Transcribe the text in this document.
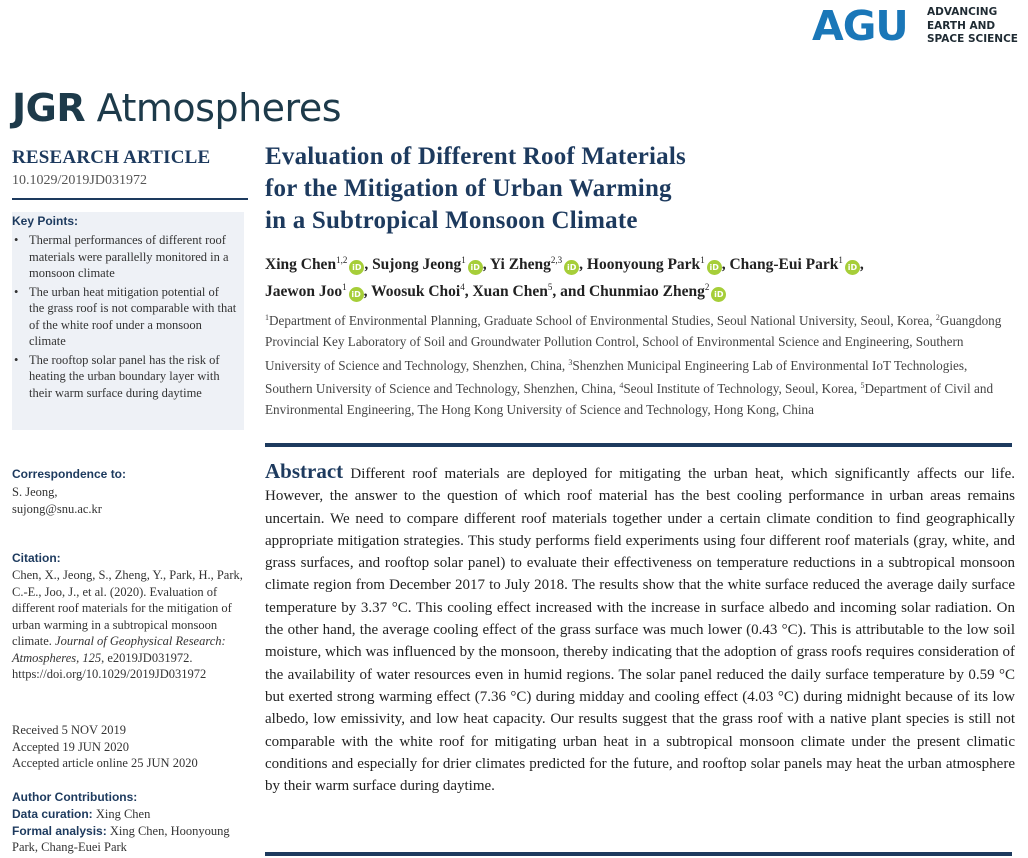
AGU ADVANCING
EARTH AND
SPACE SCIENCE
JGR Atmospheres
RESEARCH ARTICLE
10.1029/2019JD031972
Key Points:
• Thermal performances of different roof materials were parallelly monitored in a monsoon climate
• The urban heat mitigation potential of the grass roof is not comparable with that of the white roof under a monsoon climate
• The rooftop solar panel has the risk of heating the urban boundary layer with their warm surface during daytime
Correspondence to:
S. Jeong,
sujong@snu.ac.kr
Citation:
Chen, X., Jeong, S., Zheng, Y., Park, H., Park, C.-E., Joo, J., et al. (2020). Evaluation of different roof materials for the mitigation of urban warming in a subtropical monsoon climate. Journal of Geophysical Research: Atmospheres, 125, e2019JD031972. https://doi.org/10.1029/2019JD031972
Received 5 NOV 2019
Accepted 19 JUN 2020
Accepted article online 25 JUN 2020
Author Contributions:
Data curation: Xing Chen
Formal analysis: Xing Chen, Hoonyoung Park, Chang-Euei Park
Evaluation of Different Roof Materials
for the Mitigation of Urban Warming
in a Subtropical Monsoon Climate
Xing Chen$^{1,2}$iD , Sujong Jeong$^1$iD , Yi Zheng$^{2,3}$iD , Hoonyoung Park$^1$iD , Chang-Eui Park$^1$iD ,
Jaewon Joo$^1$iD , Woosuk Choi$^4$, Xuan Chen$^5$, and Chunmiao Zheng$^2$iD
$^1$Department of Environmental Planning, Graduate School of Environmental Studies, Seoul National University, Seoul, Korea, $^2$Guangdong Provincial Key Laboratory of Soil and Groundwater Pollution Control, School of Environmental Science and Engineering, Southern University of Science and Technology, Shenzhen, China, $^3$Shenzhen Municipal Engineering Lab of Environmental IoT Technologies, Southern University of Science and Technology, Shenzhen, China, $^4$Seoul Institute of Technology, Seoul, Korea, $^5$Department of Civil and Environmental Engineering, The Hong Kong University of Science and Technology, Hong Kong, China
Abstract Different roof materials are deployed for mitigating the urban heat, which significantly affects our life. However, the answer to the question of which roof material has the best cooling performance in urban areas remains uncertain. We need to compare different roof materials together under a certain climate condition to find geographically appropriate mitigation strategies. This study performs field experiments using four different roof materials (gray, white, and grass surfaces, and rooftop solar panel) to evaluate their effectiveness on temperature reductions in a subtropical monsoon climate region from December 2017 to July 2018. The results show that the white surface reduced the average daily surface temperature by 3.37 °C. This cooling effect increased with the increase in surface albedo and incoming solar radiation. On the other hand, the average cooling effect of the grass surface was much lower (0.43 °C). This is attributable to the low soil moisture, which was influenced by the monsoon, thereby indicating that the adoption of grass roofs requires consideration of the availability of water resources even in humid regions. The solar panel reduced the daily surface temperature by 0.59 °C but exerted strong warming effect (7.36 °C) during midday and cooling effect (4.03 °C) during midnight because of its low albedo, low emissivity, and low heat capacity. Our results suggest that the grass roof with a native plant species is still not comparable with the white roof for mitigating urban heat in a subtropical monsoon climate under the present climatic conditions and especially for drier climates predicted for the future, and rooftop solar panels may heat the urban atmosphere by their warm surface during daytime.
